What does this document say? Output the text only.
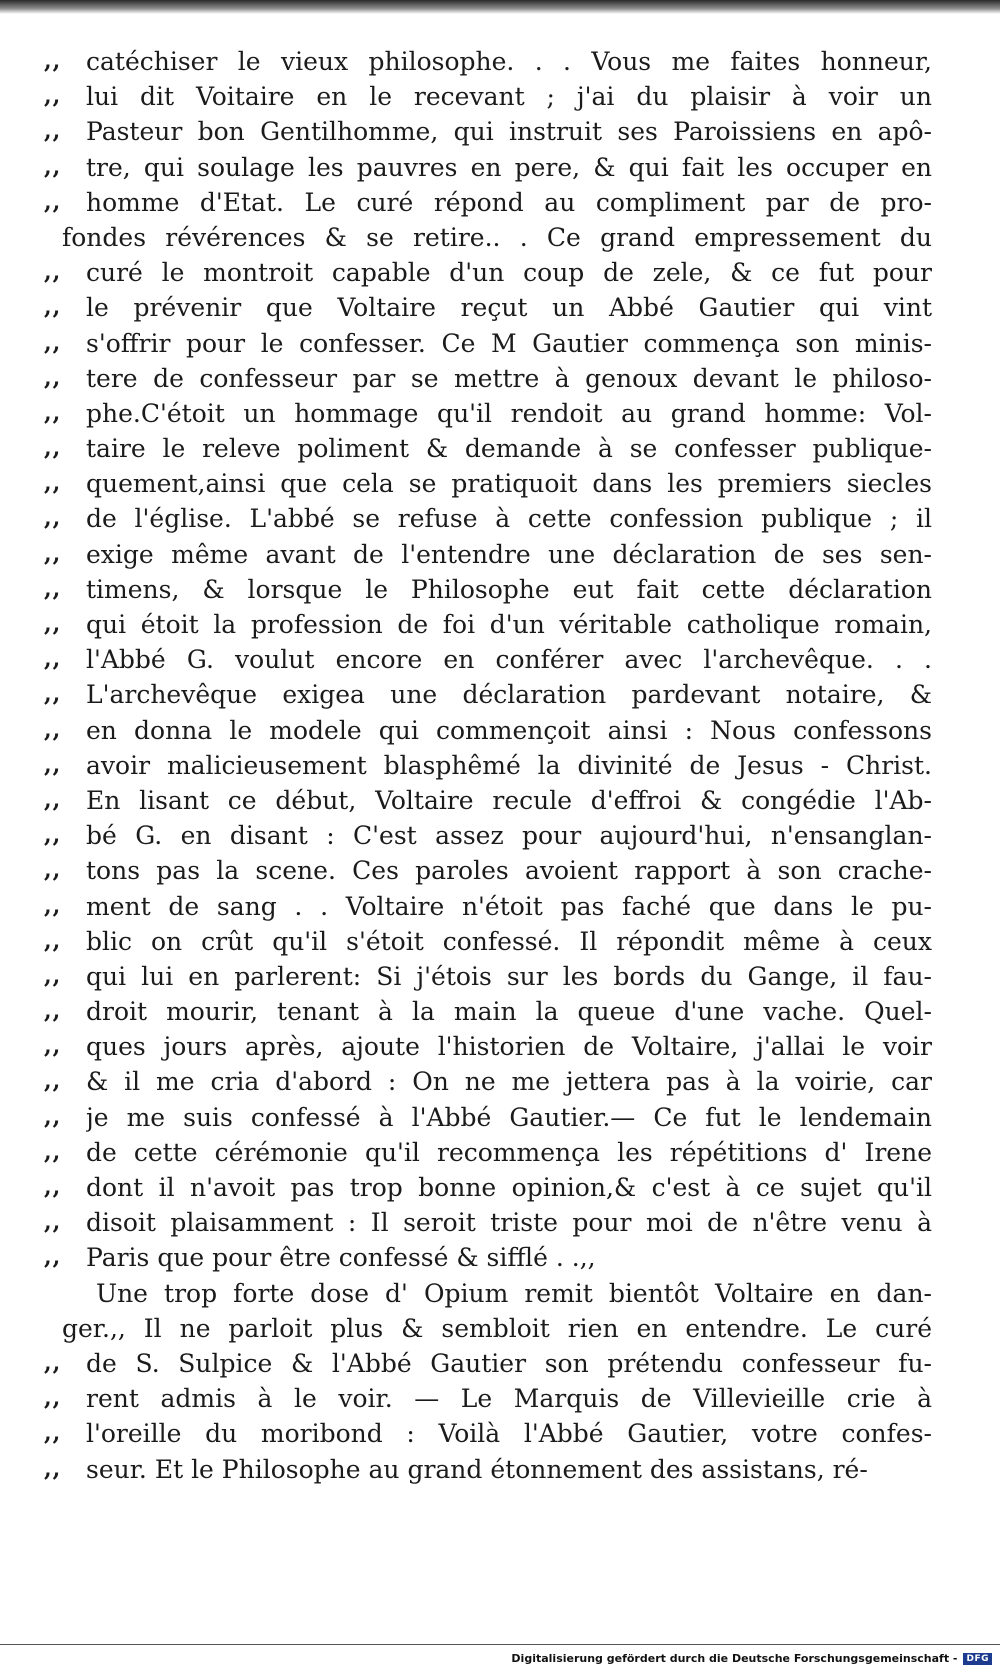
,, catéchiser le vieux philosophe. . . Vous me faites honneur,
,, lui dit Voitaire en le recevant ; j'ai du plaisir à voir un
,, Pasteur bon Gentilhomme, qui instruit ses Paroissiens en apô-
,, tre, qui soulage les pauvres en pere, & qui fait les occuper en
,, homme d'Etat. Le curé répond au compliment par de pro-
fondes révérences & se retire.. . Ce grand empressement du
,, curé le montroit capable d'un coup de zele, & ce fut pour
,, le prévenir que Voltaire reçut un Abbé Gautier qui vint
,, s'offrir pour le confesser. Ce M Gautier commença son minis-
,, tere de confesseur par se mettre à genoux devant le philoso-
,, phe.C'étoit un hommage qu'il rendoit au grand homme: Vol-
,, taire le releve poliment & demande à se confesser publique-
,, quement,ainsi que cela se pratiquoit dans les premiers siecles
,, de l'église. L'abbé se refuse à cette confession publique ; il
,, exige même avant de l'entendre une déclaration de ses sen-
,, timens, & lorsque le Philosophe eut fait cette déclaration
,, qui étoit la profession de foi d'un véritable catholique romain,
,, l'Abbé G. voulut encore en conférer avec l'archevêque. . .
,, L'archevêque exigea une déclaration pardevant notaire, &
,, en donna le modele qui commençoit ainsi : Nous confessons
,, avoir malicieusement blasphêmé la divinité de Jesus - Christ.
,, En lisant ce début, Voltaire recule d'effroi & congédie l'Ab-
,, bé G. en disant : C'est assez pour aujourd'hui, n'ensanglan-
,, tons pas la scene. Ces paroles avoient rapport à son crache-
,, ment de sang . . Voltaire n'étoit pas faché que dans le pu-
,, blic on crût qu'il s'étoit confessé. Il répondit même à ceux
,, qui lui en parlerent: Si j'étois sur les bords du Gange, il fau-
,, droit mourir, tenant à la main la queue d'une vache. Quel-
,, ques jours après, ajoute l'historien de Voltaire, j'allai le voir
,, & il me cria d'abord : On ne me jettera pas à la voirie, car
,, je me suis confessé à l'Abbé Gautier.— Ce fut le lendemain
,, de cette cérémonie qu'il recommença les répétitions d' Irene
,, dont il n'avoit pas trop bonne opinion,& c'est à ce sujet qu'il
,, disoit plaisamment : Il seroit triste pour moi de n'être venu à
,, Paris que pour être confessé & sifflé . .,,
Une trop forte dose d' Opium remit bientôt Voltaire en dan-
ger.,, Il ne parloit plus & sembloit rien en entendre. Le curé
,, de S. Sulpice & l'Abbé Gautier son prétendu confesseur fu-
,, rent admis à le voir. — Le Marquis de Villevieille crie à
,, l'oreille du moribond : Voilà l'Abbé Gautier, votre confes-
,, seur. Et le Philosophe au grand étonnement des assistans, ré-
Digitalisierung gefördert durch die Deutsche Forschungsgemeinschaft -	DFG
